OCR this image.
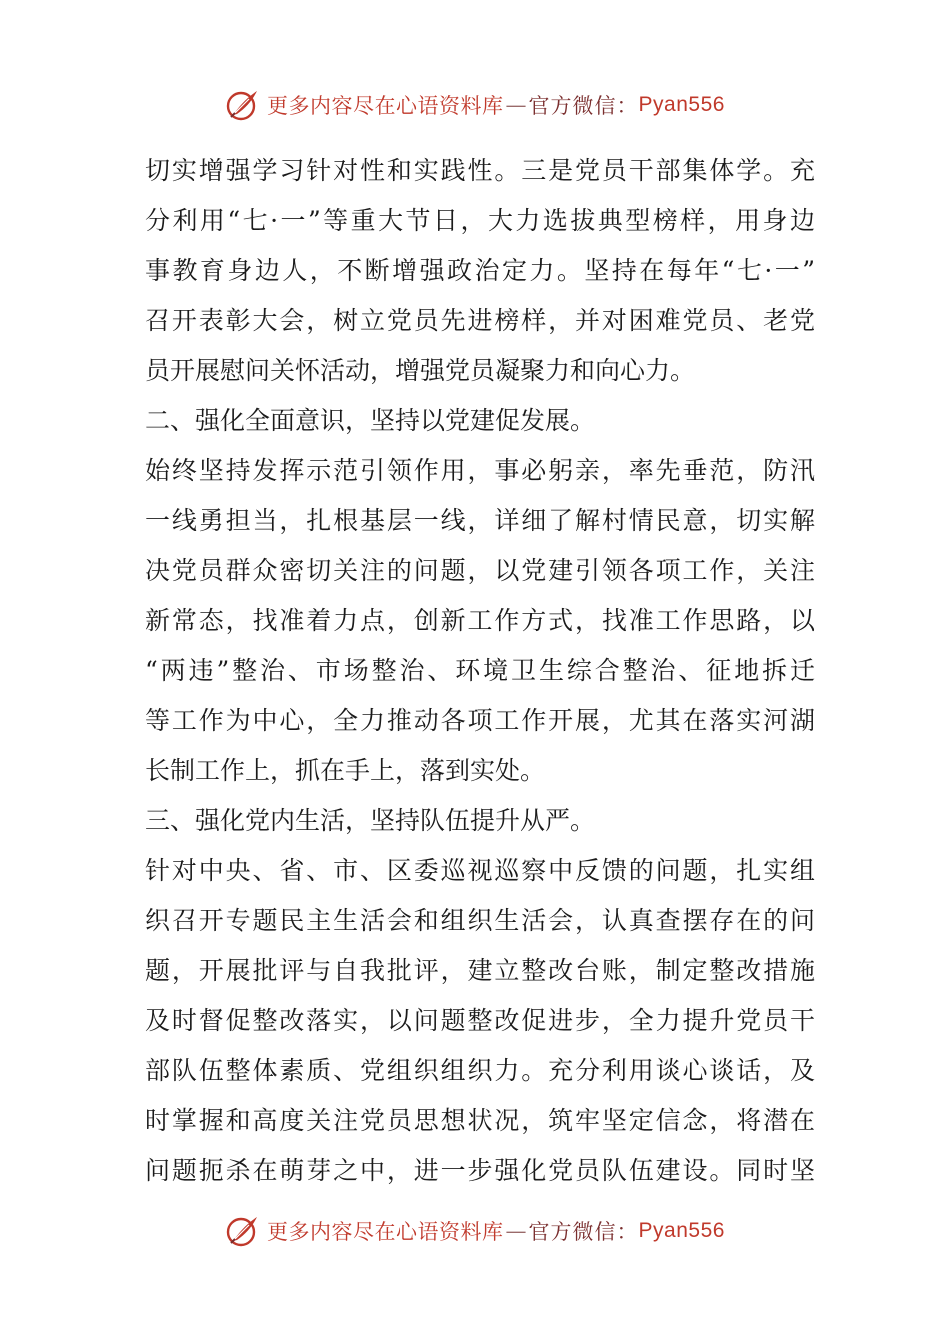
更多内容尽在心语资料库 — 官方微信： Pyan556
切实增强学习针对性和实践性。三是党员干部集体学。充
分利用“七·一”等重大节日，大力选拔典型榜样，用身边
事教育身边人，不断增强政治定力。坚持在每年“七·一”
召开表彰大会，树立党员先进榜样，并对困难党员、老党
员开展慰问关怀活动，增强党员凝聚力和向心力。
二、强化全面意识，坚持以党建促发展。
始终坚持发挥示范引领作用，事必躬亲，率先垂范，防汛
一线勇担当，扎根基层一线，详细了解村情民意，切实解
决党员群众密切关注的问题，以党建引领各项工作，关注
新常态，找准着力点，创新工作方式，找准工作思路，以
“两违”整治、市场整治、环境卫生综合整治、征地拆迁
等工作为中心，全力推动各项工作开展，尤其在落实河湖
长制工作上，抓在手上，落到实处。
三、强化党内生活，坚持队伍提升从严。
针对中央、省、市、区委巡视巡察中反馈的问题，扎实组
织召开专题民主生活会和组织生活会，认真查摆存在的问
题，开展批评与自我批评，建立整改台账，制定整改措施
及时督促整改落实，以问题整改促进步，全力提升党员干
部队伍整体素质、党组织组织力。充分利用谈心谈话，及
时掌握和高度关注党员思想状况，筑牢坚定信念，将潜在
问题扼杀在萌芽之中，进一步强化党员队伍建设。同时坚
更多内容尽在心语资料库 — 官方微信： Pyan556
